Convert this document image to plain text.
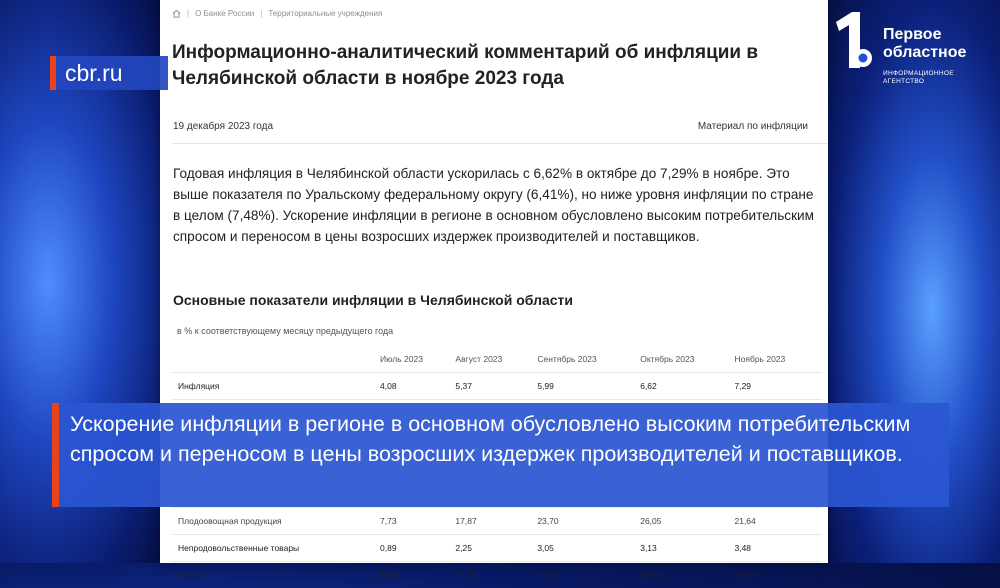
| О Банке России | Территориальные учреждения
Информационно-аналитический комментарий об инфляции в Челябинской области в ноябре 2023 года
19 декабря 2023 года	Материал по инфляции
Годовая инфляция в Челябинской области ускорилась с 6,62% в октябре до 7,29% в ноябре. Это выше показателя по Уральскому федеральному округу (6,41%), но ниже уровня инфляции по стране в целом (7,48%). Ускорение инфляции в регионе в основном обусловлено высоким потребительским спросом и переносом в цены возросших издержек производителей и поставщиков.
Основные показатели инфляции в Челябинской области
в % к соответствующему месяцу предыдущего года
	Июль 2023	Август 2023	Сентябрь 2023	Октябрь 2023	Ноябрь 2023
Инфляция	4,08	5,37	5,99	6,62	7,29

Плодоовощная продукция	7,73	17,87	23,70	26,05	21,64
Непродовольственные товары	0,89	2,25	3,05	3,13	3,48
Услуги	11,04	11,73	11,72	12,14	12,70
cbr.ru
Первое
областное
ИНФОРМАЦИОННОЕ
АГЕНТСТВО
Ускорение инфляции в регионе в основном обусловлено высоким потребительским спросом и переносом в цены возросших издержек производителей и поставщиков.
